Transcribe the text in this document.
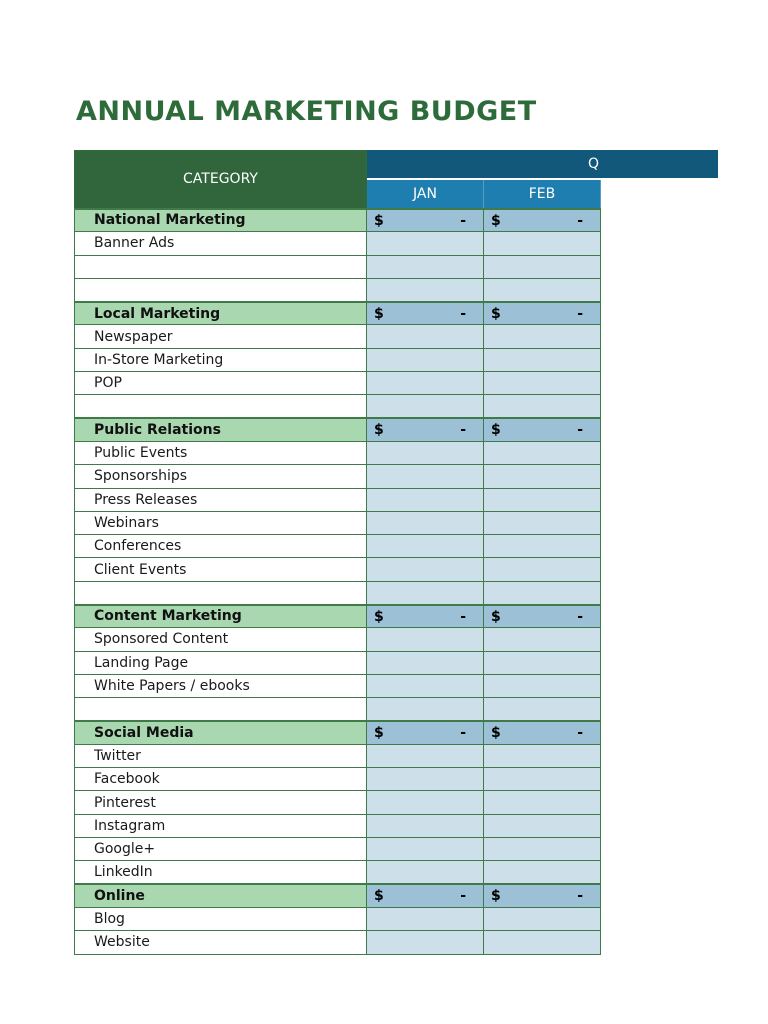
ANNUAL MARKETING BUDGET
Q
CATEGORY		
	JAN	FEB
National Marketing	$ -	$ -

Banner Ads		

Local Marketing	$ -	$ -

Newspaper		
In-Store Marketing		
POP		

Public Relations	$ -	$ -

Public Events		
Sponsorships		
Press Releases		
Webinars		
Conferences		
Client Events		

Content Marketing	$ -	$ -

Sponsored Content		
Landing Page		
White Papers / ebooks		

Social Media	$ -	$ -

Twitter		
Facebook		
Pinterest		
Instagram		
Google+		
LinkedIn		
Online	$ -	$ -

Blog		
Website		
